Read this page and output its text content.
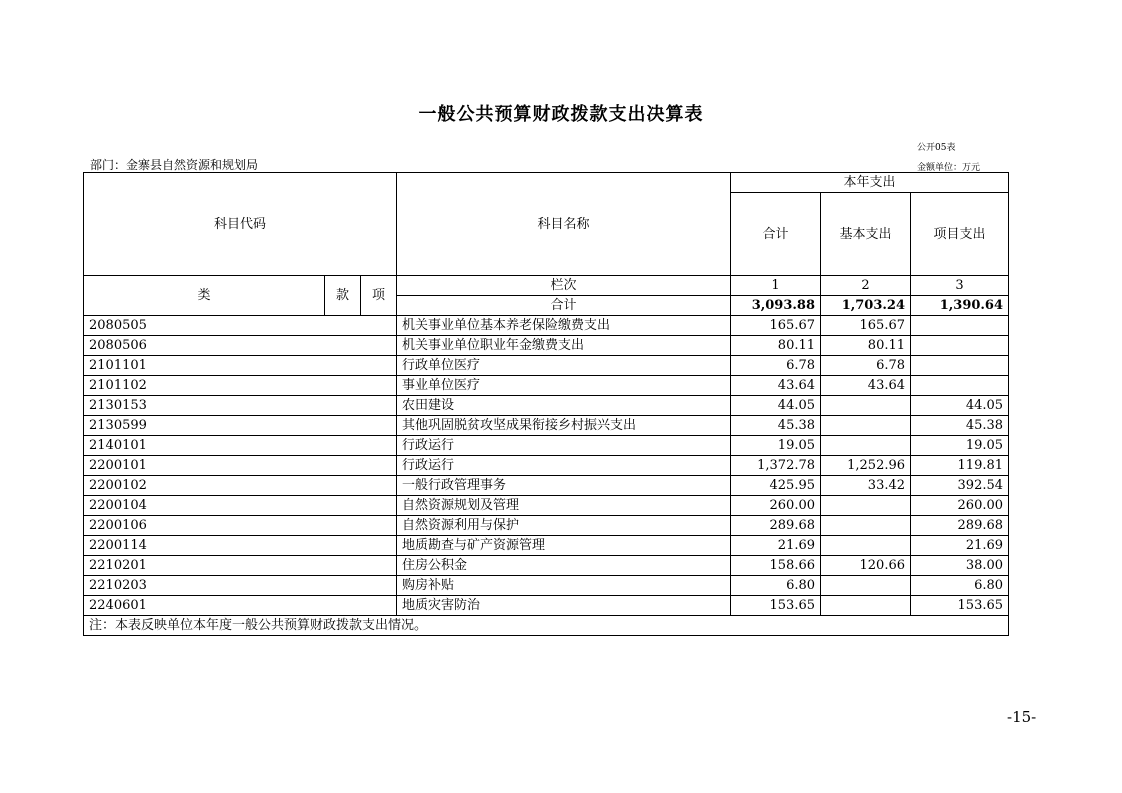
一般公共预算财政拨款支出决算表
公开05表
部门：金寨县自然资源和规划局	金额单位：万元
科目代码			科目名称	本年支出		
				合计	基本支出	项目支出
类	款	项	栏次	1	2	3
			合计	3,093.88	1,703.24	1,390.64
2080505			机关事业单位基本养老保险缴费支出	165.67	165.67	
2080506			机关事业单位职业年金缴费支出	80.11	80.11	
2101101			行政单位医疗	6.78	6.78	
2101102			事业单位医疗	43.64	43.64	
2130153			农田建设	44.05		44.05
2130599			其他巩固脱贫攻坚成果衔接乡村振兴支出	45.38		45.38
2140101			行政运行	19.05		19.05
2200101			行政运行	1,372.78	1,252.96	119.81
2200102			一般行政管理事务	425.95	33.42	392.54
2200104			自然资源规划及管理	260.00		260.00
2200106			自然资源利用与保护	289.68		289.68
2200114			地质勘查与矿产资源管理	21.69		21.69
2210201			住房公积金	158.66	120.66	38.00
2210203			购房补贴	6.80		6.80
2240601			地质灾害防治	153.65		153.65
注：本表反映单位本年度一般公共预算财政拨款支出情况。						
-15-
